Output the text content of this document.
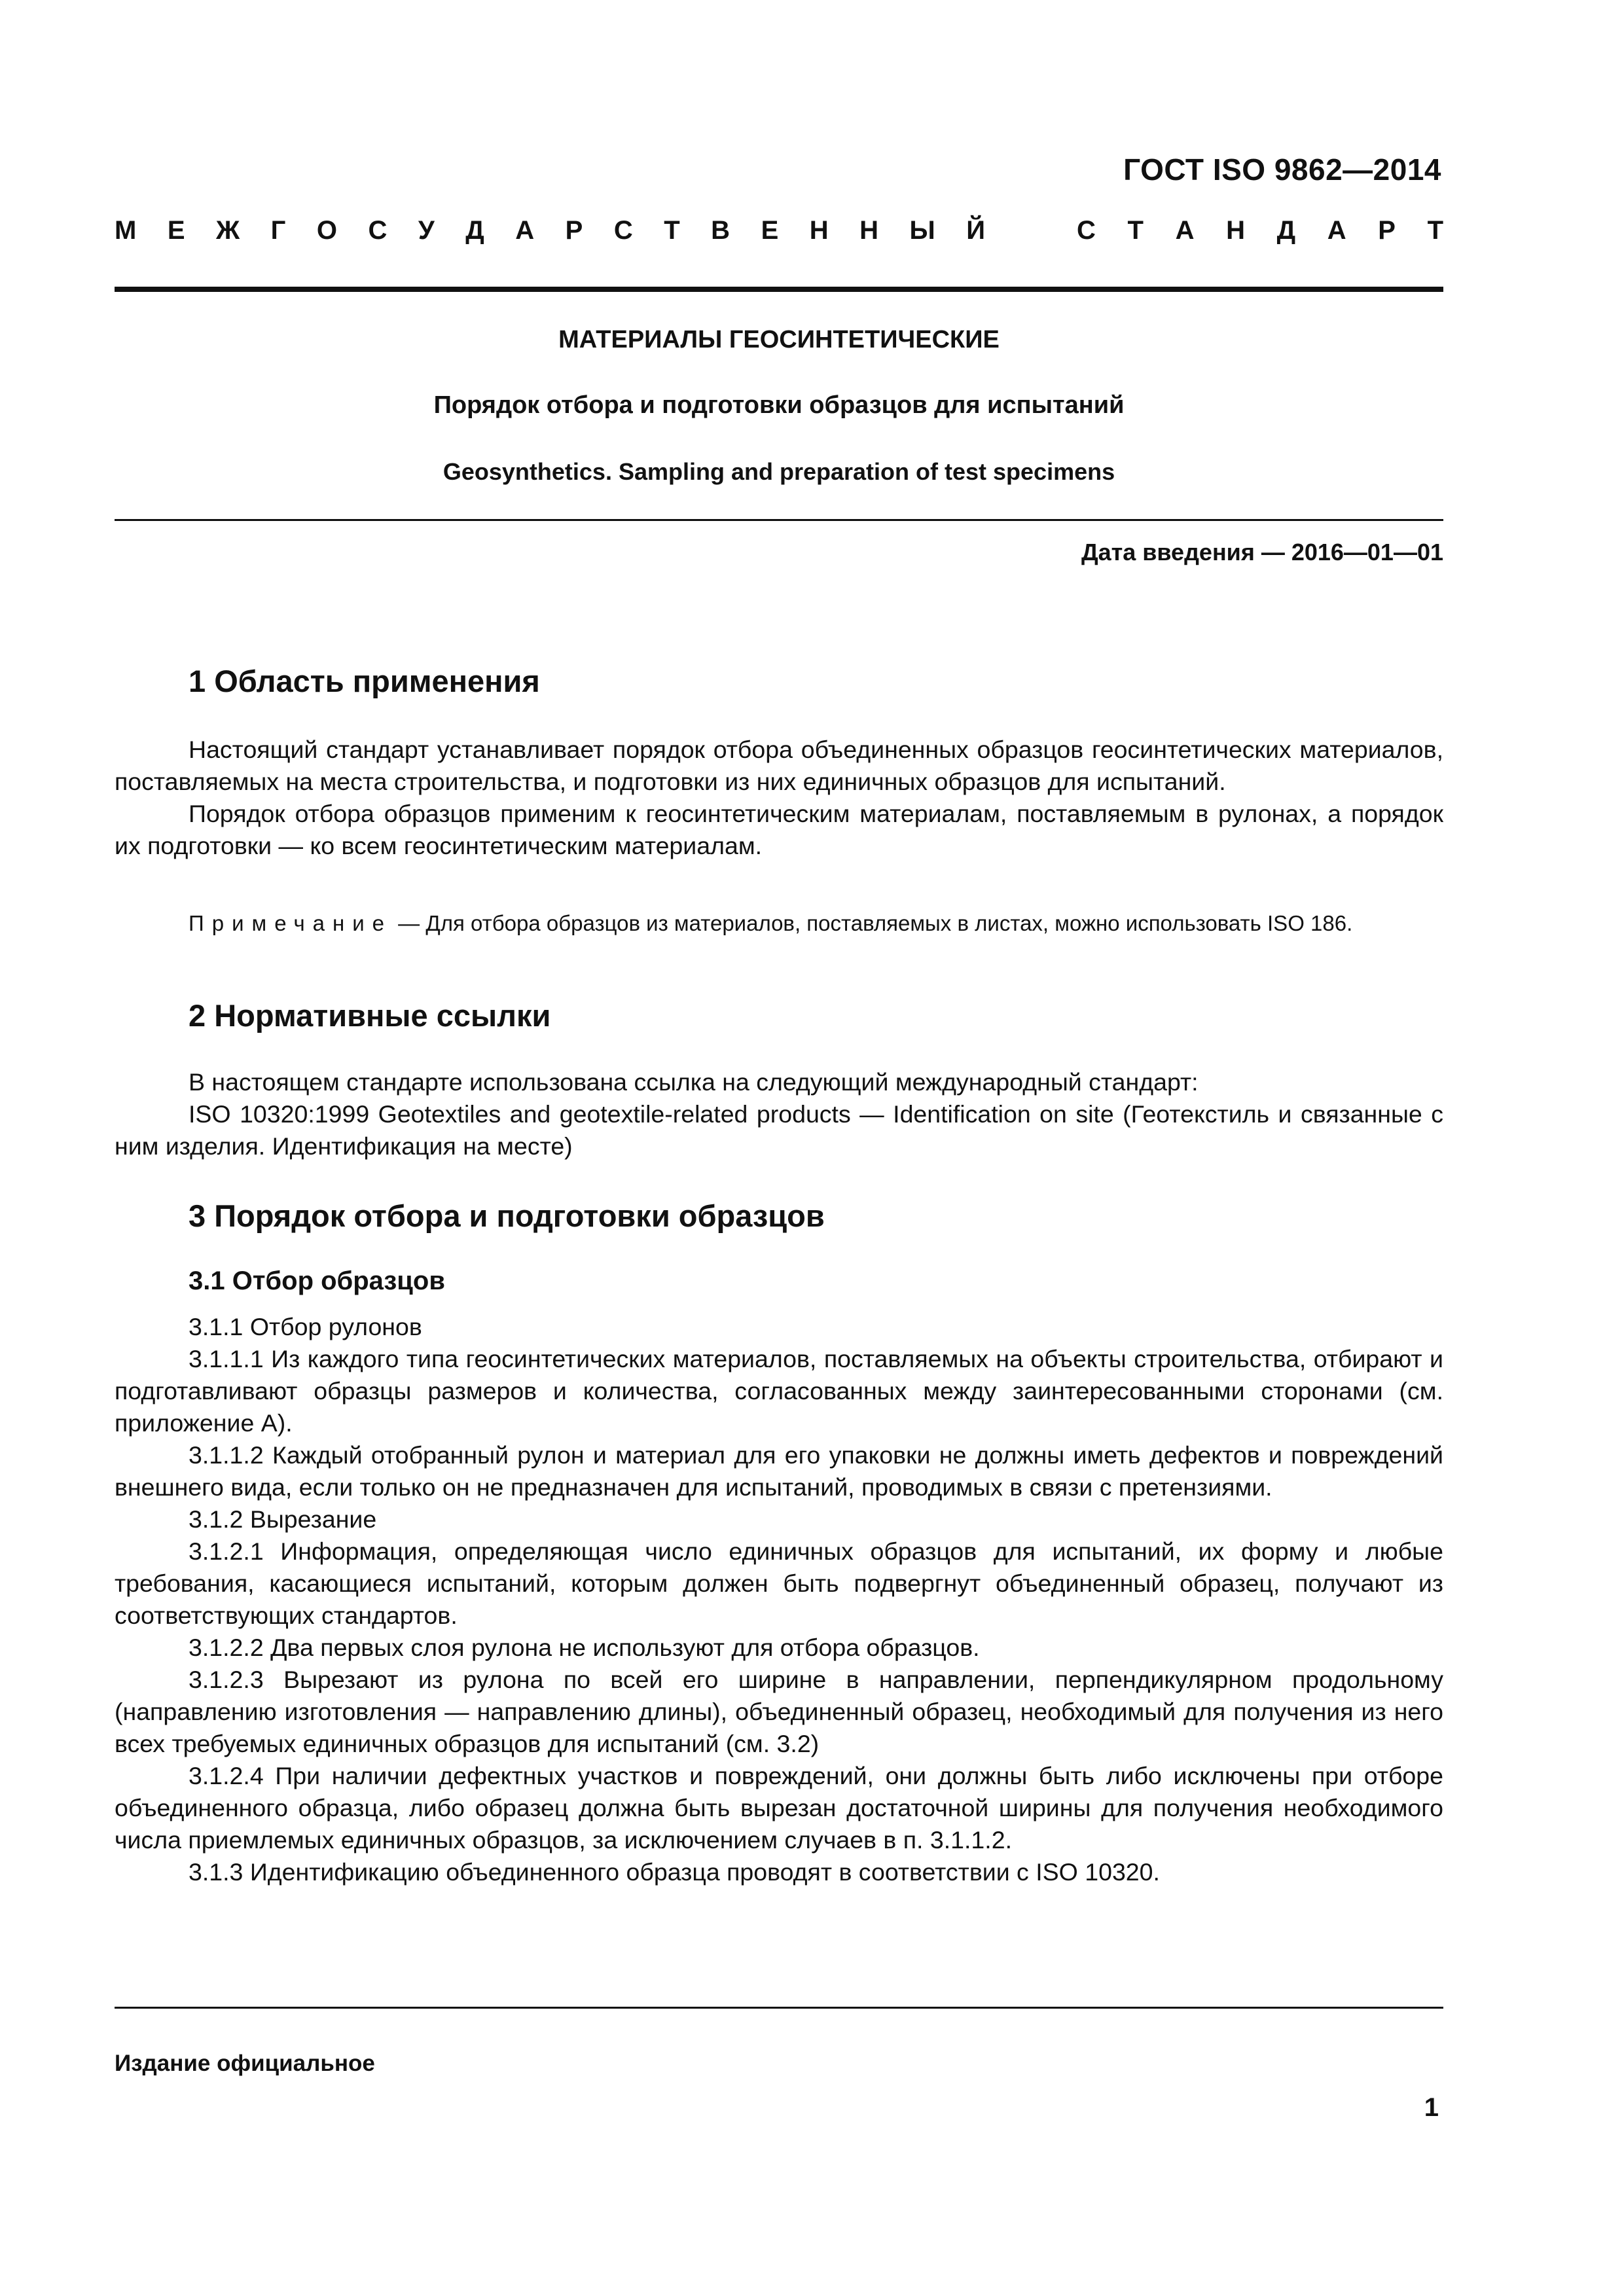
ГОСТ ISO 9862—2014
М Е Ж Г О С У Д А Р С Т В Е Н Н Ы Й	С Т А Н Д А Р Т
МАТЕРИАЛЫ ГЕОСИНТЕТИЧЕСКИЕ
Порядок отбора и подготовки образцов для испытаний
Geosynthetics. Sampling and preparation of test specimens
Дата введения — 2016—01—01
1 Область применения

Настоящий стандарт устанавливает порядок отбора объединенных образцов геосинтетических материалов, поставляемых на места строительства, и подготовки из них единичных образцов для испытаний.

Порядок отбора образцов применим к геосинтетическим материалам, поставляемым в рулонах, а порядок их подготовки — ко всем геосинтетическим материалам.

Примечание — Для отбора образцов из материалов, поставляемых в листах, можно использовать ISO 186.
2 Нормативные ссылки

В настоящем стандарте использована ссылка на следующий международный стандарт:

ISO 10320:1999 Geotextiles and geotextile-related products — Identification on site (Геотекстиль и связанные с ним изделия. Идентификация на месте)

3 Порядок отбора и подготовки образцов
3.1 Отбор образцов

3.1.1 Отбор рулонов

3.1.1.1 Из каждого типа геосинтетических материалов, поставляемых на объекты строительства, отбирают и подготавливают образцы размеров и количества, согласованных между заинтересованными сторонами (см. приложение А).

3.1.1.2 Каждый отобранный рулон и материал для его упаковки не должны иметь дефектов и повреждений внешнего вида, если только он не предназначен для испытаний, проводимых в связи с претензиями.

3.1.2 Вырезание

3.1.2.1 Информация, определяющая число единичных образцов для испытаний, их форму и любые требования, касающиеся испытаний, которым должен быть подвергнут объединенный образец, получают из соответствующих стандартов.

3.1.2.2 Два первых слоя рулона не используют для отбора образцов.

3.1.2.3 Вырезают из рулона по всей его ширине в направлении, перпендикулярном продольному (направлению изготовления — направлению длины), объединенный образец, необходимый для получения из него всех требуемых единичных образцов для испытаний (см. 3.2)

3.1.2.4 При наличии дефектных участков и повреждений, они должны быть либо исключены при отборе объединенного образца, либо образец должна быть вырезан достаточной ширины для получения необходимого числа приемлемых единичных образцов, за исключением случаев в п. 3.1.1.2.

3.1.3 Идентификацию объединенного образца проводят в соответствии с ISO 10320.

Издание официальное
1
